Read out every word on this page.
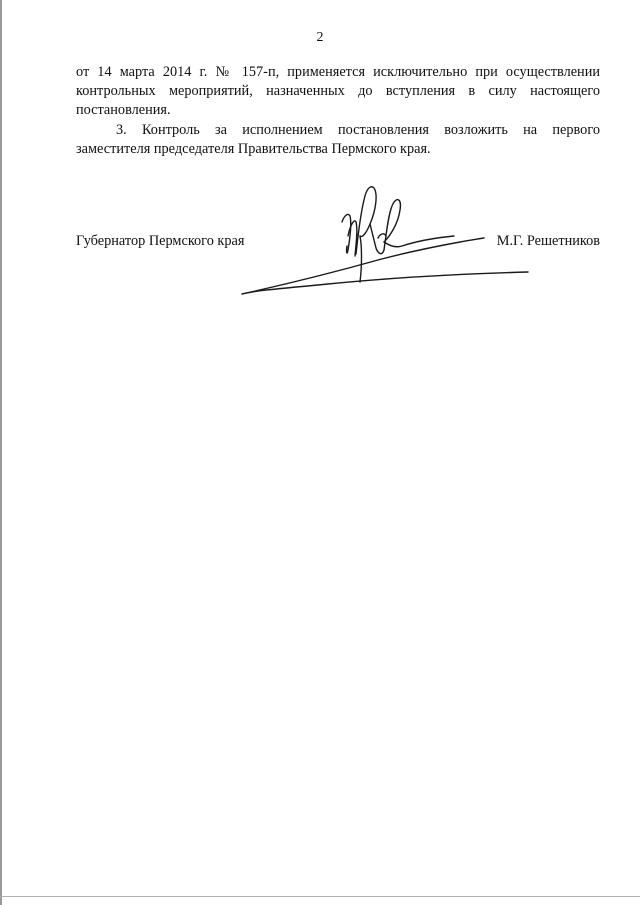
2
от 14 марта 2014 г. № 157-п, применяется исключительно при осуществлении
контрольных мероприятий, назначенных до вступления в силу настоящего
постановления.
3. Контроль за исполнением постановления возложить на первого
заместителя председателя Правительства Пермского края.
Губернатор Пермского края	М.Г. Решетников
